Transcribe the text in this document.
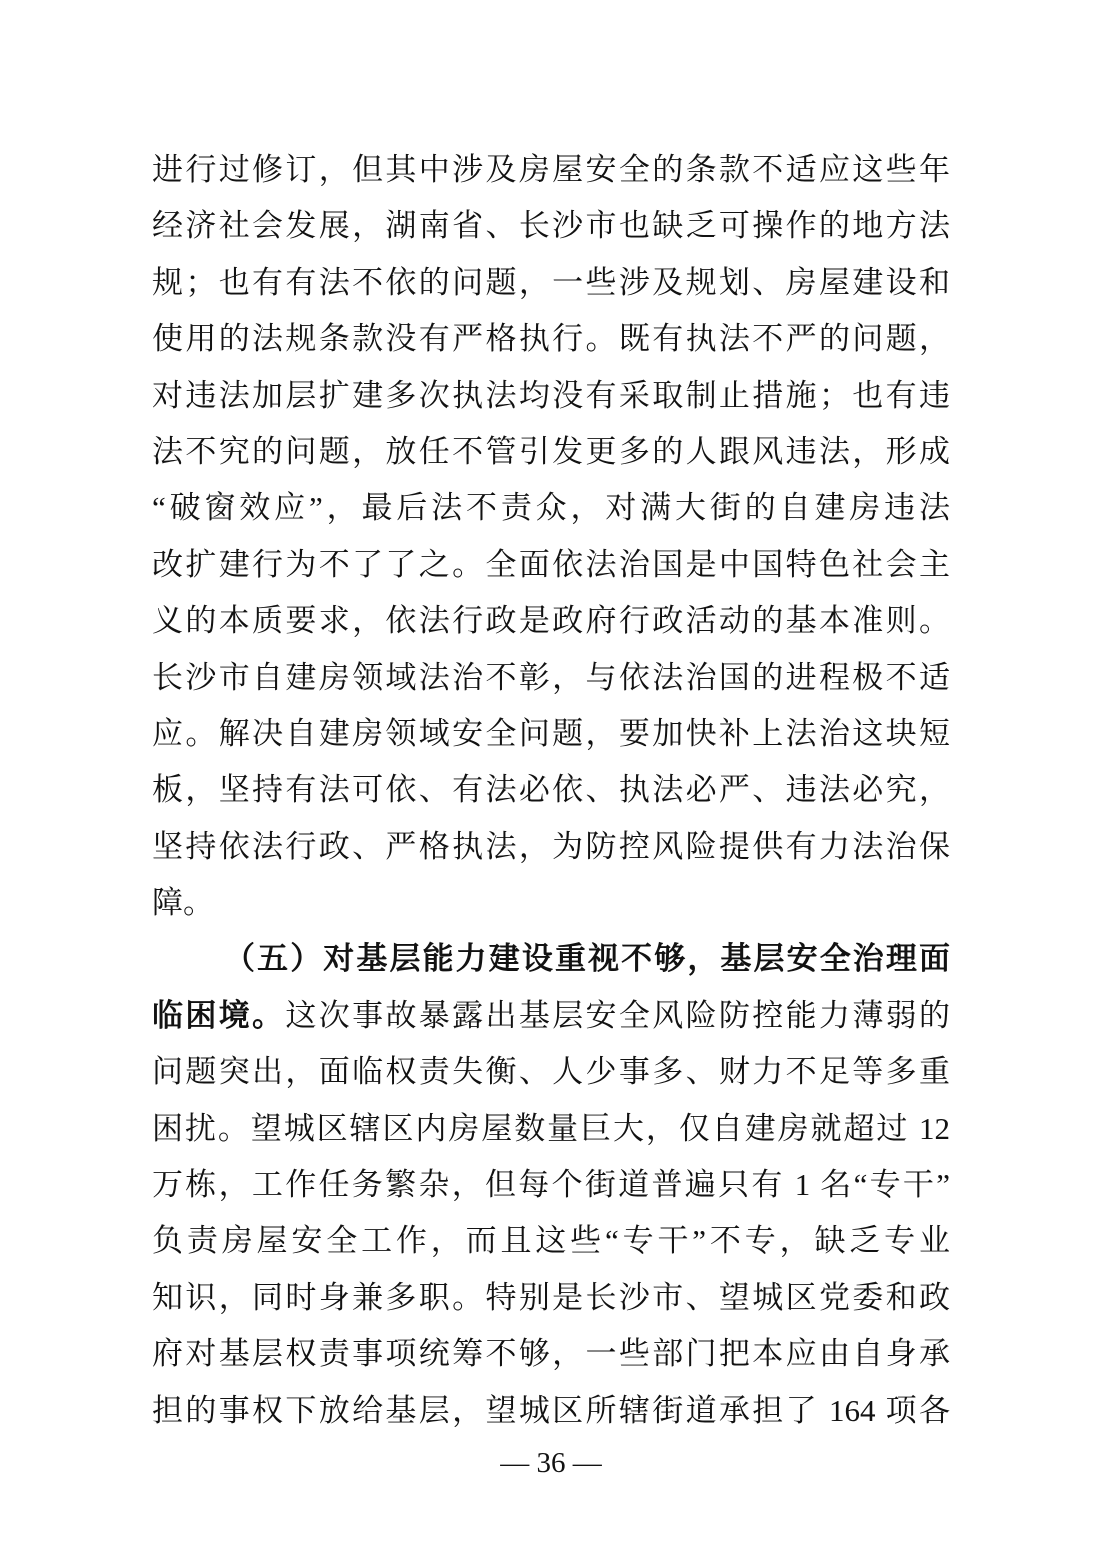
进行过修订，但其中涉及房屋安全的条款不适应这些年
经济社会发展，湖南省、长沙市也缺乏可操作的地方法
规；也有有法不依的问题，一些涉及规划、房屋建设和
使用的法规条款没有严格执行。既有执法不严的问题，
对违法加层扩建多次执法均没有采取制止措施；也有违
法不究的问题，放任不管引发更多的人跟风违法，形成
“破窗效应”，最后法不责众，对满大街的自建房违法
改扩建行为不了了之。全面依法治国是中国特色社会主
义的本质要求，依法行政是政府行政活动的基本准则。
长沙市自建房领域法治不彰，与依法治国的进程极不适
应。解决自建房领域安全问题，要加快补上法治这块短
板，坚持有法可依、有法必依、执法必严、违法必究，
坚持依法行政、严格执法，为防控风险提供有力法治保
障。
（五）对基层能力建设重视不够，基层安全治理面
临困境。这次事故暴露出基层安全风险防控能力薄弱的
问题突出，面临权责失衡、人少事多、财力不足等多重
困扰。望城区辖区内房屋数量巨大，仅自建房就超过 12
万栋，工作任务繁杂，但每个街道普遍只有 1 名“专干”
负责房屋安全工作，而且这些“专干”不专，缺乏专业
知识，同时身兼多职。特别是长沙市、望城区党委和政
府对基层权责事项统筹不够，一些部门把本应由自身承
担的事权下放给基层，望城区所辖街道承担了 164 项各
— 36 —
